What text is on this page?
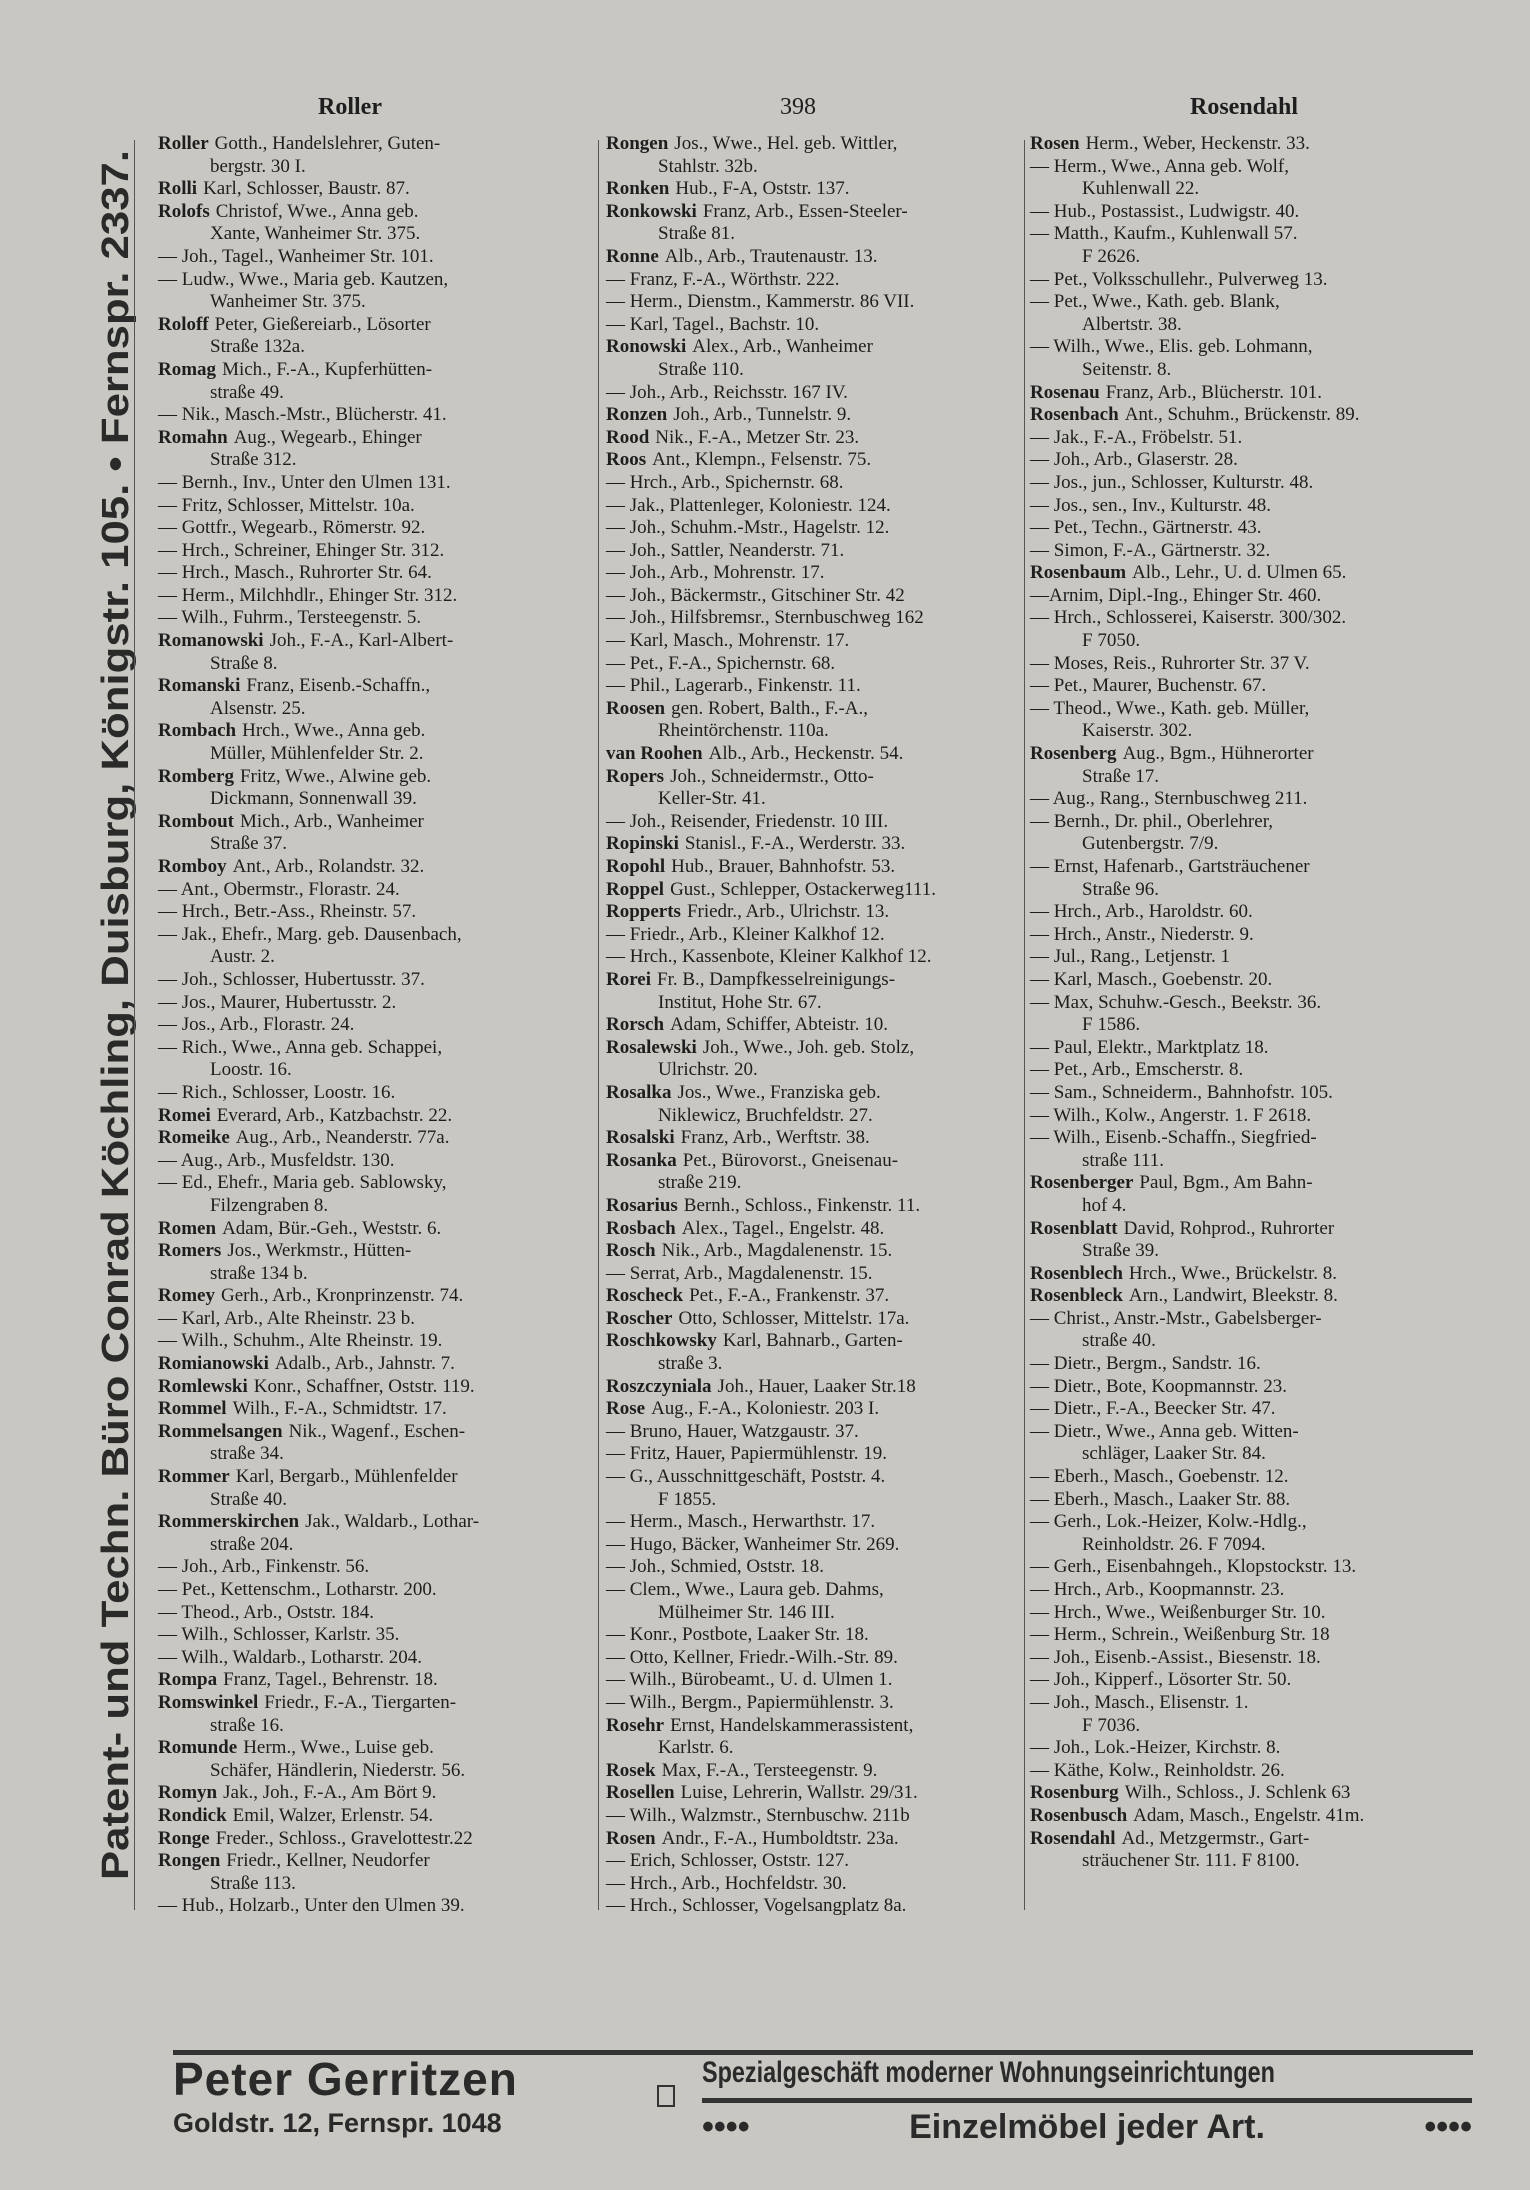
Roller	398	Rosendahl
Patent- und Techn. Büro Conrad Köchling, Duisburg, Königstr. 105. • Fernspr. 2337.
Roller Gotth., Handelslehrer, Guten-
bergstr. 30 I.
Rolli Karl, Schlosser, Baustr. 87.
Rolofs Christof, Wwe., Anna geb.
Xante, Wanheimer Str. 375.
— Joh., Tagel., Wanheimer Str. 101.
— Ludw., Wwe., Maria geb. Kautzen,
Wanheimer Str. 375.
Roloff Peter, Gießereiarb., Lösorter
Straße 132a.
Romag Mich., F.-A., Kupferhütten-
straße 49.
— Nik., Masch.-Mstr., Blücherstr. 41.
Romahn Aug., Wegearb., Ehinger
Straße 312.
— Bernh., Inv., Unter den Ulmen 131.
— Fritz, Schlosser, Mittelstr. 10a.
— Gottfr., Wegearb., Römerstr. 92.
— Hrch., Schreiner, Ehinger Str. 312.
— Hrch., Masch., Ruhrorter Str. 64.
— Herm., Milchhdlr., Ehinger Str. 312.
— Wilh., Fuhrm., Tersteegenstr. 5.
Romanowski Joh., F.-A., Karl-Albert-
Straße 8.
Romanski Franz, Eisenb.-Schaffn.,
Alsenstr. 25.
Rombach Hrch., Wwe., Anna geb.
Müller, Mühlenfelder Str. 2.
Romberg Fritz, Wwe., Alwine geb.
Dickmann, Sonnenwall 39.
Rombout Mich., Arb., Wanheimer
Straße 37.
Romboy Ant., Arb., Rolandstr. 32.
— Ant., Obermstr., Florastr. 24.
— Hrch., Betr.-Ass., Rheinstr. 57.
— Jak., Ehefr., Marg. geb. Dausenbach,
Austr. 2.
— Joh., Schlosser, Hubertusstr. 37.
— Jos., Maurer, Hubertusstr. 2.
— Jos., Arb., Florastr. 24.
— Rich., Wwe., Anna geb. Schappei,
Loostr. 16.
— Rich., Schlosser, Loostr. 16.
Romei Everard, Arb., Katzbachstr. 22.
Romeike Aug., Arb., Neanderstr. 77a.
— Aug., Arb., Musfeldstr. 130.
— Ed., Ehefr., Maria geb. Sablowsky,
Filzengraben 8.
Romen Adam, Bür.-Geh., Weststr. 6.
Romers Jos., Werkmstr., Hütten-
straße 134 b.
Romey Gerh., Arb., Kronprinzenstr. 74.
— Karl, Arb., Alte Rheinstr. 23 b.
— Wilh., Schuhm., Alte Rheinstr. 19.
Romianowski Adalb., Arb., Jahnstr. 7.
Romlewski Konr., Schaffner, Oststr. 119.
Rommel Wilh., F.-A., Schmidtstr. 17.
Rommelsangen Nik., Wagenf., Eschen-
straße 34.
Rommer Karl, Bergarb., Mühlenfelder
Straße 40.
Rommerskirchen Jak., Waldarb., Lothar-
straße 204.
— Joh., Arb., Finkenstr. 56.
— Pet., Kettenschm., Lotharstr. 200.
— Theod., Arb., Oststr. 184.
— Wilh., Schlosser, Karlstr. 35.
— Wilh., Waldarb., Lotharstr. 204.
Rompa Franz, Tagel., Behrenstr. 18.
Romswinkel Friedr., F.-A., Tiergarten-
straße 16.
Romunde Herm., Wwe., Luise geb.
Schäfer, Händlerin, Niederstr. 56.
Romyn Jak., Joh., F.-A., Am Bört 9.
Rondick Emil, Walzer, Erlenstr. 54.
Ronge Freder., Schloss., Gravelottestr.22
Rongen Friedr., Kellner, Neudorfer
Straße 113.
— Hub., Holzarb., Unter den Ulmen 39.
Rongen Jos., Wwe., Hel. geb. Wittler,
Stahlstr. 32b.
Ronken Hub., F-A, Oststr. 137.
Ronkowski Franz, Arb., Essen-Steeler-
Straße 81.
Ronne Alb., Arb., Trautenaustr. 13.
— Franz, F.-A., Wörthstr. 222.
— Herm., Dienstm., Kammerstr. 86 VII.
— Karl, Tagel., Bachstr. 10.
Ronowski Alex., Arb., Wanheimer
Straße 110.
— Joh., Arb., Reichsstr. 167 IV.
Ronzen Joh., Arb., Tunnelstr. 9.
Rood Nik., F.-A., Metzer Str. 23.
Roos Ant., Klempn., Felsenstr. 75.
— Hrch., Arb., Spichernstr. 68.
— Jak., Plattenleger, Koloniestr. 124.
— Joh., Schuhm.-Mstr., Hagelstr. 12.
— Joh., Sattler, Neanderstr. 71.
— Joh., Arb., Mohrenstr. 17.
— Joh., Bäckermstr., Gitschiner Str. 42
— Joh., Hilfsbremsr., Sternbuschweg 162
— Karl, Masch., Mohrenstr. 17.
— Pet., F.-A., Spichernstr. 68.
— Phil., Lagerarb., Finkenstr. 11.
Roosen gen. Robert, Balth., F.-A.,
Rheintörchenstr. 110a.
van Roohen Alb., Arb., Heckenstr. 54.
Ropers Joh., Schneidermstr., Otto-
Keller-Str. 41.
— Joh., Reisender, Friedenstr. 10 III.
Ropinski Stanisl., F.-A., Werderstr. 33.
Ropohl Hub., Brauer, Bahnhofstr. 53.
Roppel Gust., Schlepper, Ostackerweg111.
Ropperts Friedr., Arb., Ulrichstr. 13.
— Friedr., Arb., Kleiner Kalkhof 12.
— Hrch., Kassenbote, Kleiner Kalkhof 12.
Rorei Fr. B., Dampfkesselreinigungs-
Institut, Hohe Str. 67.
Rorsch Adam, Schiffer, Abteistr. 10.
Rosalewski Joh., Wwe., Joh. geb. Stolz,
Ulrichstr. 20.
Rosalka Jos., Wwe., Franziska geb.
Niklewicz, Bruchfeldstr. 27.
Rosalski Franz, Arb., Werftstr. 38.
Rosanka Pet., Bürovorst., Gneisenau-
straße 219.
Rosarius Bernh., Schloss., Finkenstr. 11.
Rosbach Alex., Tagel., Engelstr. 48.
Rosch Nik., Arb., Magdalenenstr. 15.
— Serrat, Arb., Magdalenenstr. 15.
Roscheck Pet., F.-A., Frankenstr. 37.
Roscher Otto, Schlosser, Mittelstr. 17a.
Roschkowsky Karl, Bahnarb., Garten-
straße 3.
Roszczyniala Joh., Hauer, Laaker Str.18
Rose Aug., F.-A., Koloniestr. 203 I.
— Bruno, Hauer, Watzgaustr. 37.
— Fritz, Hauer, Papiermühlenstr. 19.
— G., Ausschnittgeschäft, Poststr. 4.
F 1855.
— Herm., Masch., Herwarthstr. 17.
— Hugo, Bäcker, Wanheimer Str. 269.
— Joh., Schmied, Oststr. 18.
— Clem., Wwe., Laura geb. Dahms,
Mülheimer Str. 146 III.
— Konr., Postbote, Laaker Str. 18.
— Otto, Kellner, Friedr.-Wilh.-Str. 89.
— Wilh., Bürobeamt., U. d. Ulmen 1.
— Wilh., Bergm., Papiermühlenstr. 3.
Rosehr Ernst, Handelskammerassistent,
Karlstr. 6.
Rosek Max, F.-A., Tersteegenstr. 9.
Rosellen Luise, Lehrerin, Wallstr. 29/31.
— Wilh., Walzmstr., Sternbuschw. 211b
Rosen Andr., F.-A., Humboldtstr. 23a.
— Erich, Schlosser, Oststr. 127.
— Hrch., Arb., Hochfeldstr. 30.
— Hrch., Schlosser, Vogelsangplatz 8a.
Rosen Herm., Weber, Heckenstr. 33.
— Herm., Wwe., Anna geb. Wolf,
Kuhlenwall 22.
— Hub., Postassist., Ludwigstr. 40.
— Matth., Kaufm., Kuhlenwall 57.
F 2626.
— Pet., Volksschullehr., Pulverweg 13.
— Pet., Wwe., Kath. geb. Blank,
Albertstr. 38.
— Wilh., Wwe., Elis. geb. Lohmann,
Seitenstr. 8.
Rosenau Franz, Arb., Blücherstr. 101.
Rosenbach Ant., Schuhm., Brückenstr. 89.
— Jak., F.-A., Fröbelstr. 51.
— Joh., Arb., Glaserstr. 28.
— Jos., jun., Schlosser, Kulturstr. 48.
— Jos., sen., Inv., Kulturstr. 48.
— Pet., Techn., Gärtnerstr. 43.
— Simon, F.-A., Gärtnerstr. 32.
Rosenbaum Alb., Lehr., U. d. Ulmen 65.
—Arnim, Dipl.-Ing., Ehinger Str. 460.
— Hrch., Schlosserei, Kaiserstr. 300/302.
F 7050.
— Moses, Reis., Ruhrorter Str. 37 V.
— Pet., Maurer, Buchenstr. 67.
— Theod., Wwe., Kath. geb. Müller,
Kaiserstr. 302.
Rosenberg Aug., Bgm., Hühnerorter
Straße 17.
— Aug., Rang., Sternbuschweg 211.
— Bernh., Dr. phil., Oberlehrer,
Gutenbergstr. 7/9.
— Ernst, Hafenarb., Gartsträuchener
Straße 96.
— Hrch., Arb., Haroldstr. 60.
— Hrch., Anstr., Niederstr. 9.
— Jul., Rang., Letjenstr. 1
— Karl, Masch., Goebenstr. 20.
— Max, Schuhw.-Gesch., Beekstr. 36.
F 1586.
— Paul, Elektr., Marktplatz 18.
— Pet., Arb., Emscherstr. 8.
— Sam., Schneiderm., Bahnhofstr. 105.
— Wilh., Kolw., Angerstr. 1. F 2618.
— Wilh., Eisenb.-Schaffn., Siegfried-
straße 111.
Rosenberger Paul, Bgm., Am Bahn-
hof 4.
Rosenblatt David, Rohprod., Ruhrorter
Straße 39.
Rosenblech Hrch., Wwe., Brückelstr. 8.
Rosenbleck Arn., Landwirt, Bleekstr. 8.
— Christ., Anstr.-Mstr., Gabelsberger-
straße 40.
— Dietr., Bergm., Sandstr. 16.
— Dietr., Bote, Koopmannstr. 23.
— Dietr., F.-A., Beecker Str. 47.
— Dietr., Wwe., Anna geb. Witten-
schläger, Laaker Str. 84.
— Eberh., Masch., Goebenstr. 12.
— Eberh., Masch., Laaker Str. 88.
— Gerh., Lok.-Heizer, Kolw.-Hdlg.,
Reinholdstr. 26. F 7094.
— Gerh., Eisenbahngeh., Klopstockstr. 13.
— Hrch., Arb., Koopmannstr. 23.
— Hrch., Wwe., Weißenburger Str. 10.
— Herm., Schrein., Weißenburg Str. 18
— Joh., Eisenb.-Assist., Biesenstr. 18.
— Joh., Kipperf., Lösorter Str. 50.
— Joh., Masch., Elisenstr. 1.
F 7036.
— Joh., Lok.-Heizer, Kirchstr. 8.
— Käthe, Kolw., Reinholdstr. 26.
Rosenburg Wilh., Schloss., J. Schlenk 63
Rosenbusch Adam, Masch., Engelstr. 41m.
Rosendahl Ad., Metzgermstr., Gart-
sträuchener Str. 111. F 8100.
Peter Gerritzen
Goldstr. 12, Fernspr. 1048
Spezialgeschäft moderner Wohnungseinrichtungen
••••	Einzelmöbel jeder Art.	••••
